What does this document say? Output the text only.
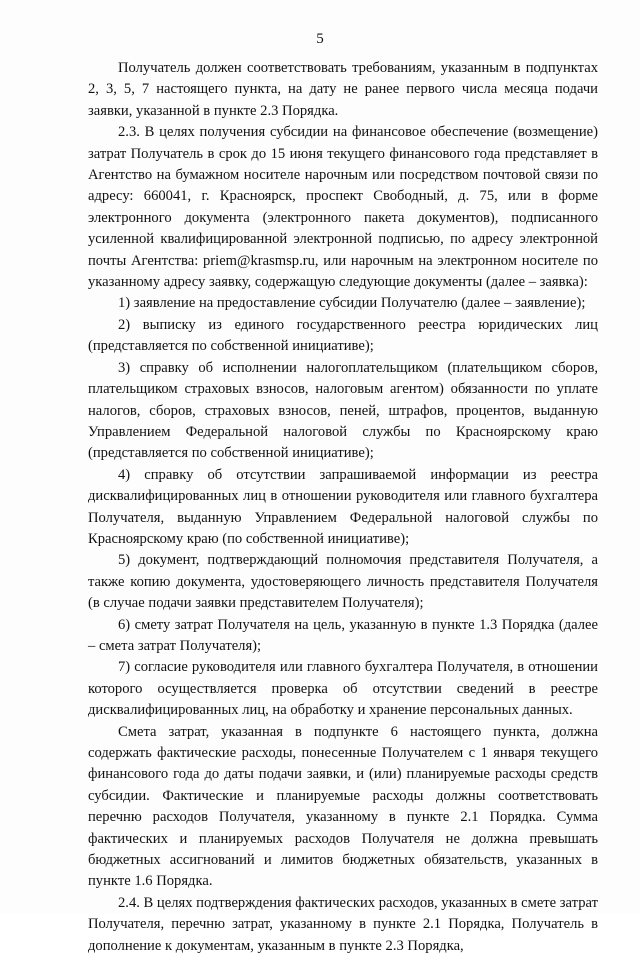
5

Получатель должен соответствовать требованиям, указанным в подпунктах 2, 3, 5, 7 настоящего пункта, на дату не ранее первого числа месяца подачи заявки, указанной в пункте 2.3 Порядка.

2.3. В целях получения субсидии на финансовое обеспечение (возмещение) затрат Получатель в срок до 15 июня текущего финансового года представляет в Агентство на бумажном носителе нарочным или посредством почтовой связи по адресу: 660041, г. Красноярск, проспект Свободный, д. 75, или в форме электронного документа (электронного пакета документов), подписанного усиленной квалифицированной электронной подписью, по адресу электронной почты Агентства: priem@krasmsp.ru, или нарочным на электронном носителе по указанному адресу заявку, содержащую следующие документы (далее – заявка):

1) заявление на предоставление субсидии Получателю (далее – заявление);

2) выписку из единого государственного реестра юридических лиц (представляется по собственной инициативе);

3) справку об исполнении налогоплательщиком (плательщиком сборов, плательщиком страховых взносов, налоговым агентом) обязанности по уплате налогов, сборов, страховых взносов, пеней, штрафов, процентов, выданную Управлением Федеральной налоговой службы по Красноярскому краю (представляется по собственной инициативе);

4) справку об отсутствии запрашиваемой информации из реестра дисквалифицированных лиц в отношении руководителя или главного бухгалтера Получателя, выданную Управлением Федеральной налоговой службы по Красноярскому краю (по собственной инициативе);

5) документ, подтверждающий полномочия представителя Получателя, а также копию документа, удостоверяющего личность представителя Получателя (в случае подачи заявки представителем Получателя);

6) смету затрат Получателя на цель, указанную в пункте 1.3 Порядка (далее – смета затрат Получателя);

7) согласие руководителя или главного бухгалтера Получателя, в отношении которого осуществляется проверка об отсутствии сведений в реестре дисквалифицированных лиц, на обработку и хранение персональных данных.

Смета затрат, указанная в подпункте 6 настоящего пункта, должна содержать фактические расходы, понесенные Получателем с 1 января текущего финансового года до даты подачи заявки, и (или) планируемые расходы средств субсидии. Фактические и планируемые расходы должны соответствовать перечню расходов Получателя, указанному в пункте 2.1 Порядка. Сумма фактических и планируемых расходов Получателя не должна превышать бюджетных ассигнований и лимитов бюджетных обязательств, указанных в пункте 1.6 Порядка.

2.4. В целях подтверждения фактических расходов, указанных в смете затрат Получателя, перечню затрат, указанному в пункте 2.1 Порядка, Получатель в дополнение к документам, указанным в пункте 2.3 Порядка,
